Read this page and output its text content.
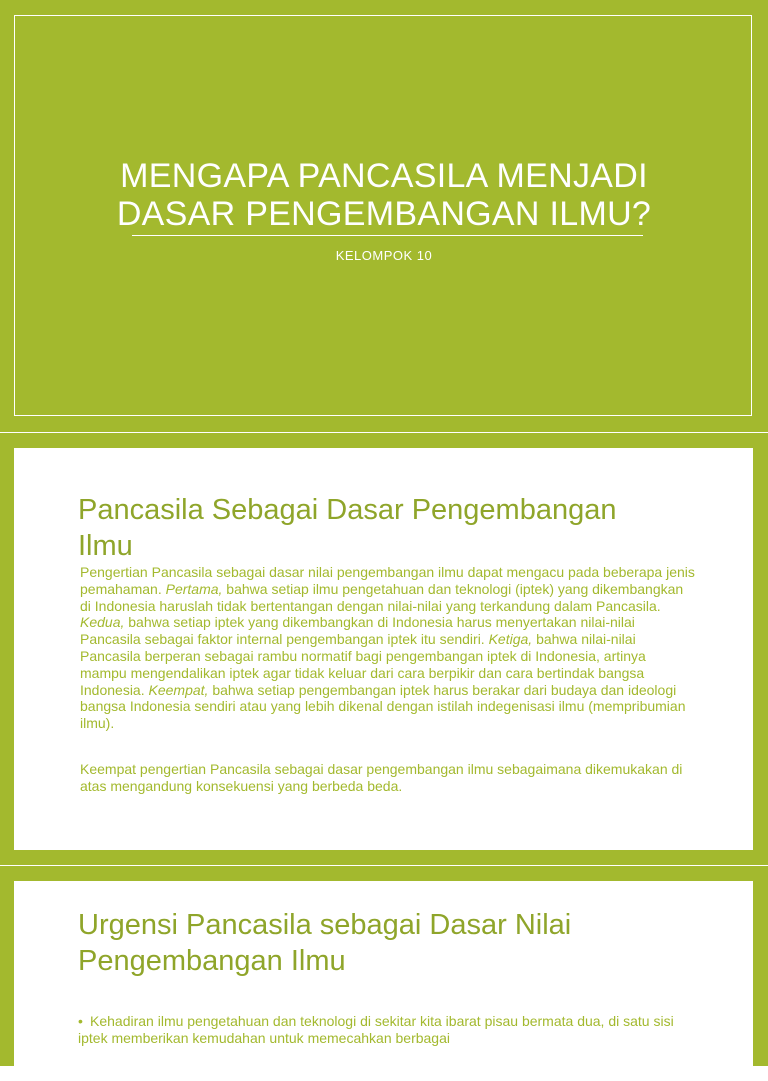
MENGAPA PANCASILA MENJADI
DASAR PENGEMBANGAN ILMU?
KELOMPOK 10
Pancasila Sebagai Dasar Pengembangan
Ilmu

Pengertian Pancasila sebagai dasar nilai pengembangan ilmu dapat mengacu pada beberapa jenis pemahaman. Pertama, bahwa setiap ilmu pengetahuan dan teknologi (iptek) yang dikembangkan di Indonesia haruslah tidak bertentangan dengan nilai-nilai yang terkandung dalam Pancasila. Kedua, bahwa setiap iptek yang dikembangkan di Indonesia harus menyertakan nilai-nilai Pancasila sebagai faktor internal pengembangan iptek itu sendiri. Ketiga, bahwa nilai-nilai Pancasila berperan sebagai rambu normatif bagi pengembangan iptek di Indonesia, artinya mampu mengendalikan iptek agar tidak keluar dari cara berpikir dan cara bertindak bangsa Indonesia. Keempat, bahwa setiap pengembangan iptek harus berakar dari budaya dan ideologi bangsa Indonesia sendiri atau yang lebih dikenal dengan istilah indegenisasi ilmu (mempribumian ilmu).

Keempat pengertian Pancasila sebagai dasar pengembangan ilmu sebagaimana dikemukakan di atas mengandung konsekuensi yang berbeda beda.

Urgensi Pancasila sebagai Dasar Nilai
Pengembangan Ilmu

• Kehadiran ilmu pengetahuan dan teknologi di sekitar kita ibarat pisau bermata dua, di satu sisi iptek memberikan kemudahan untuk memecahkan berbagai
